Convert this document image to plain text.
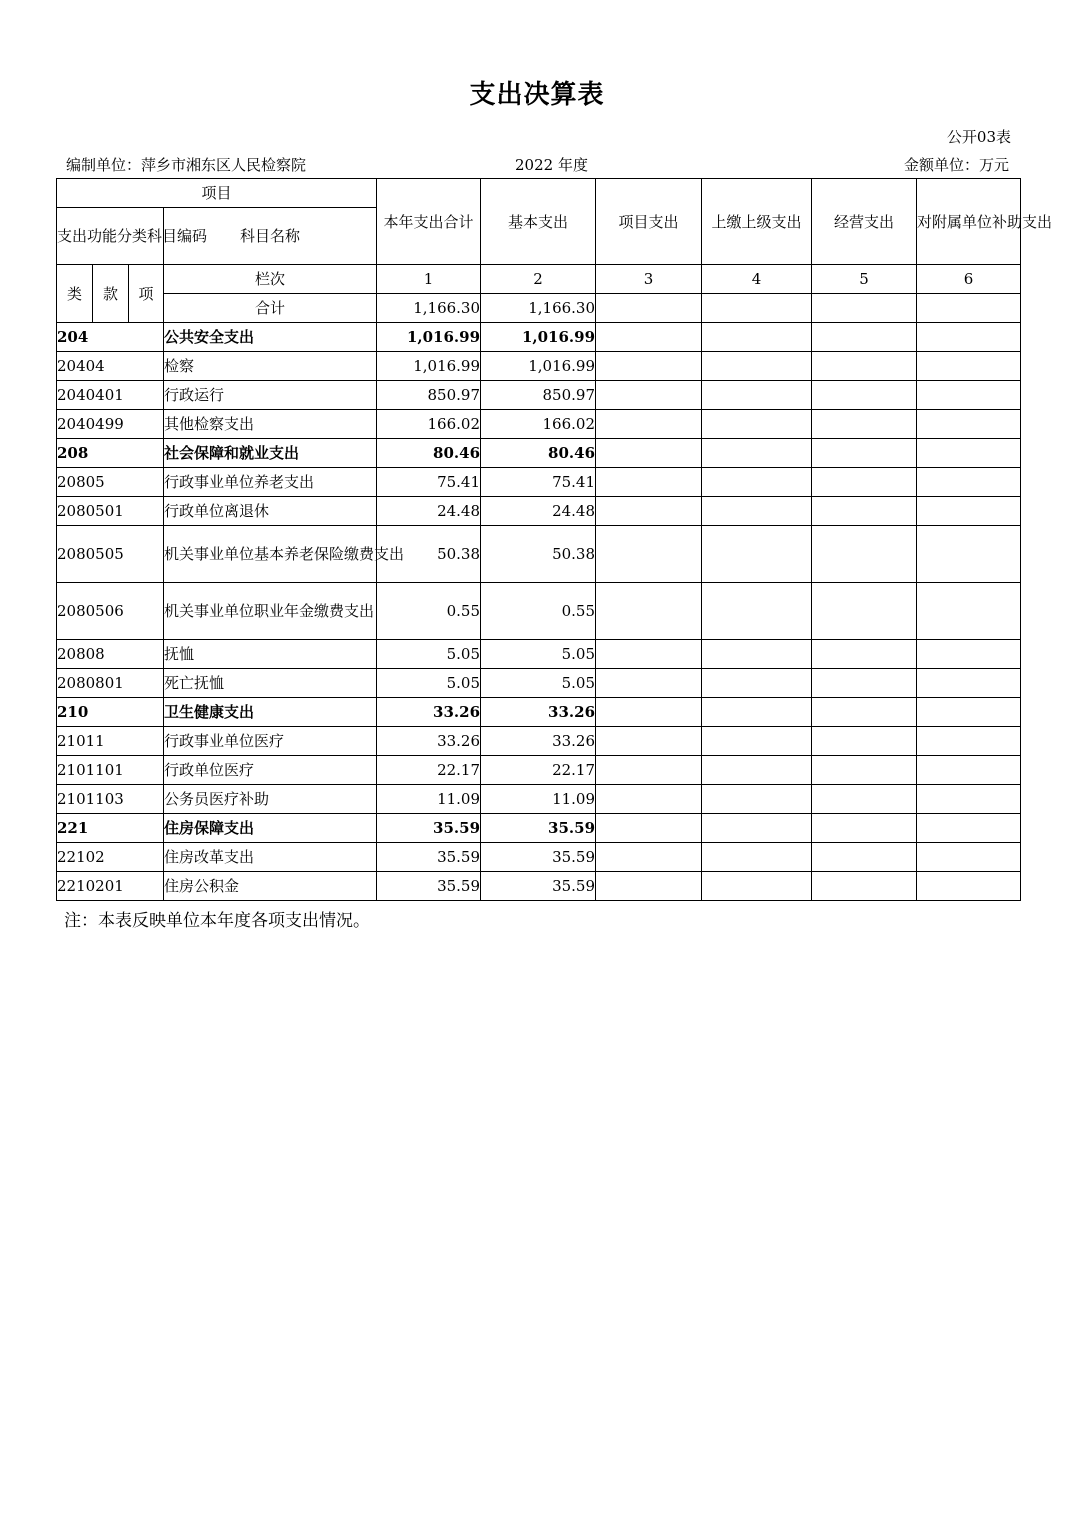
支出决算表
公开03表
编制单位：萍乡市湘东区人民检察院	2022 年度	金额单位：万元
项目				本年支出合计	基本支出	项目支出	上缴上级支出	经营支出	对附属单位补助支出
支出功能分类科目编码			科目名称						
类	款	项	栏次	1	2	3	4	5	6
			合计	1,166.30	1,166.30				
204			公共安全支出	1,016.99	1,016.99				
20404			检察	1,016.99	1,016.99				
2040401			行政运行	850.97	850.97				
2040499			其他检察支出	166.02	166.02				
208			社会保障和就业支出	80.46	80.46				
20805			行政事业单位养老支出	75.41	75.41				
2080501			行政单位离退休	24.48	24.48				
2080505			机关事业单位基本养老保险缴费支出	50.38	50.38				
2080506			机关事业单位职业年金缴费支出	0.55	0.55				
20808			抚恤	5.05	5.05				
2080801			死亡抚恤	5.05	5.05				
210			卫生健康支出	33.26	33.26				
21011			行政事业单位医疗	33.26	33.26				
2101101			行政单位医疗	22.17	22.17				
2101103			公务员医疗补助	11.09	11.09				
221			住房保障支出	35.59	35.59				
22102			住房改革支出	35.59	35.59				
2210201			住房公积金	35.59	35.59				
注：本表反映单位本年度各项支出情况。
